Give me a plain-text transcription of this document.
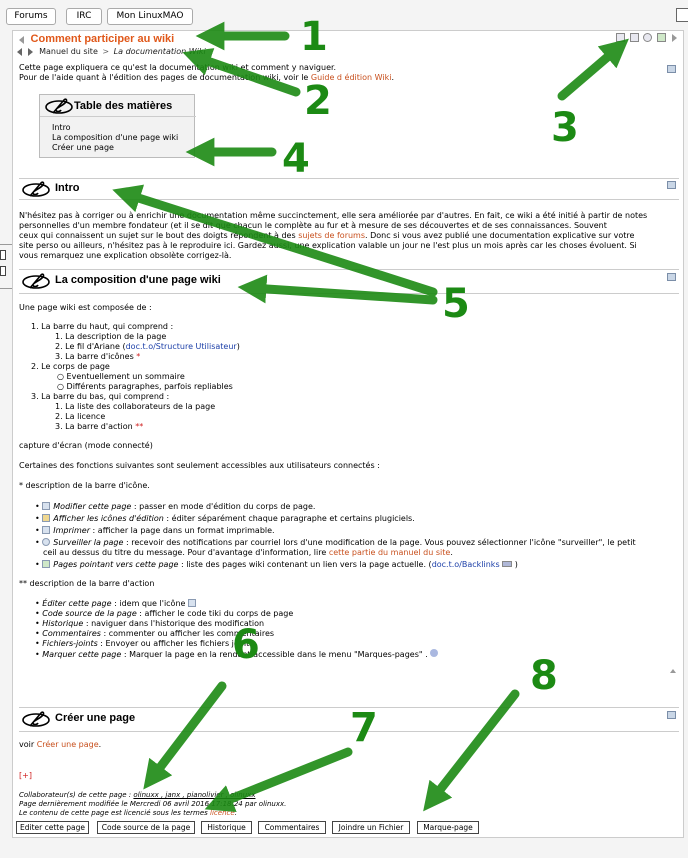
Forums	IRC	Mon LinuxMAO
Comment participer au wiki

Manuel du site > La documentation Wiki
Cette page expliquera ce qu'est la documentation wiki et comment y naviguer.
Pour de l'aide quant à l'édition des pages de documentation wiki, voir le Guide d édition Wiki.
Table des matières
Intro
La composition d'une page wiki
Créer une page
Intro
N'hésitez pas à corriger ou à enrichir une documentation même succinctement, elle sera améliorée par d'autres. En fait, ce wiki a été initié à partir de notes
personnelles d'un membre fondateur (et il se dit que chacun le complète au fur et à mesure de ses découvertes et de ses connaissances. Souvent
ceux qui connaissent un sujet sur le bout des doigts répondent à des sujets de forums. Donc si vous avez publié une documentation explicative sur votre
site perso ou ailleurs, n'hésitez pas à le reproduire ici. Gardez aussi, une explication valable un jour ne l'est plus un mois après car les choses évoluent. Si
vous remarquez une explication obsolète corrigez-là.
La composition d'une page wiki
Une page wiki est composée de :
1. La barre du haut, qui comprend :
1. La description de la page
2. Le fil d'Ariane (doc.t.o/Structure Utilisateur)
3. La barre d'icônes *
2. Le corps de page
○ Eventuellement un sommaire
○ Différents paragraphes, parfois repliables
3. La barre du bas, qui comprend :
1. La liste des collaborateurs de la page
2. La licence
3. La barre d'action **
capture d'écran (mode connecté)
Certaines des fonctions suivantes sont seulement accessibles aux utilisateurs connectés :
* description de la barre d'icône.
• Modifier cette page : passer en mode d'édition du corps de page.
• Afficher les icônes d'édition : éditer séparément chaque paragraphe et certains plugiciels.
• Imprimer : afficher la page dans un format imprimable.
• Surveiller la page : recevoir des notifications par courriel lors d'une modification de la page. Vous pouvez sélectionner l'icône "surveiller", le petit
ceil au dessus du titre du message. Pour d'avantage d'information, lire cette partie du manuel du site.
• Pages pointant vers cette page : liste des pages wiki contenant un lien vers la page actuelle. (doc.t.o/Backlinks  )
** description de la barre d'action
• Éditer cette page : idem que l'icône
• Code source de la page : afficher le code tiki du corps de page
• Historique : naviguer dans l'historique des modification
• Commentaires : commenter ou afficher les commentaires
• Fichiers-joints : Envoyer ou afficher les fichiers joints
• Marquer cette page : Marquer la page en la rendant accessible dans le menu "Marques-pages" .
Créer une page
voir Créer une page.
[+]
Collaborateur(s) de cette page : olinuxx , janx , pianolivier , olinuxx
Page dernièrement modifiée le Mercredi 06 avril 2016 17:18:24 par olinuxx.
Le contenu de cette page est licencié sous les termes licence.
Editer cette page	Code source de la page	Historique	Commentaires	Joindre un Fichier	Marque-page
1
2
3
4
5
6
7
8
